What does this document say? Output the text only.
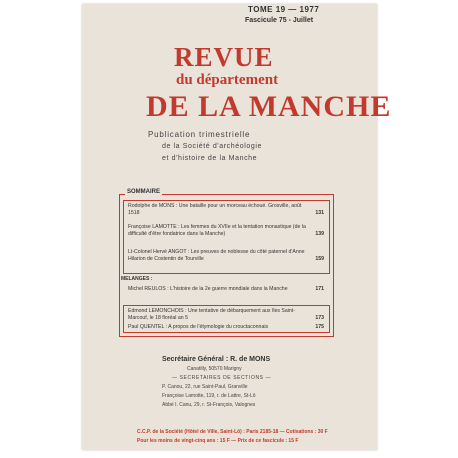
TOME 19 — 1977
Fascicule 75 - Juillet
REVUE
du département
DE LA MANCHE
Publication trimestrielle
de la Société d'archéologie
et d'histoire de la Manche
SOMMAIRE
Rodolphe de MONS : Une bataille pour un morceau échoué. Grosville, août 1518	131
Françoise LAMOTTE : Les femmes du XVIIe et la tentation monastique (de la difficulté d'être fondatrice dans la Manche)	139
Lt-Colonel Hervé ANGOT : Les preuves de noblesse du côté paternel d'Anne Hilarion de Costentin de Tourville	159
MELANGES :
Michel REULOS : L'histoire de la 2e guerre mondiale dans la Manche	171
Edmond LEMONCHOIS : Une tentative de débarquement aux îles Saint-Marcouf, le 18 floréal an 5	173
Paul QUENTEL : A propos de l'étymologie du crouctaconnais	175
Secrétaire Général : R. de MONS
Canatilly, 50570 Marigny
— SECRETAIRES DE SECTIONS —
P. Canou, 22, rue Saint-Paul, Granville
Françoise Lamotte, 119, r. de Lattre, St-Lô
Abbé I. Canu, 29, r. St-François, Valognes
C.C.P. de la Société (Hôtel de Ville, Saint-Lô) : Paris 2185-18 — Cotisations : 30 F
Pour les moins de vingt-cinq ans : 15 F — Prix de ce fascicule : 15 F
